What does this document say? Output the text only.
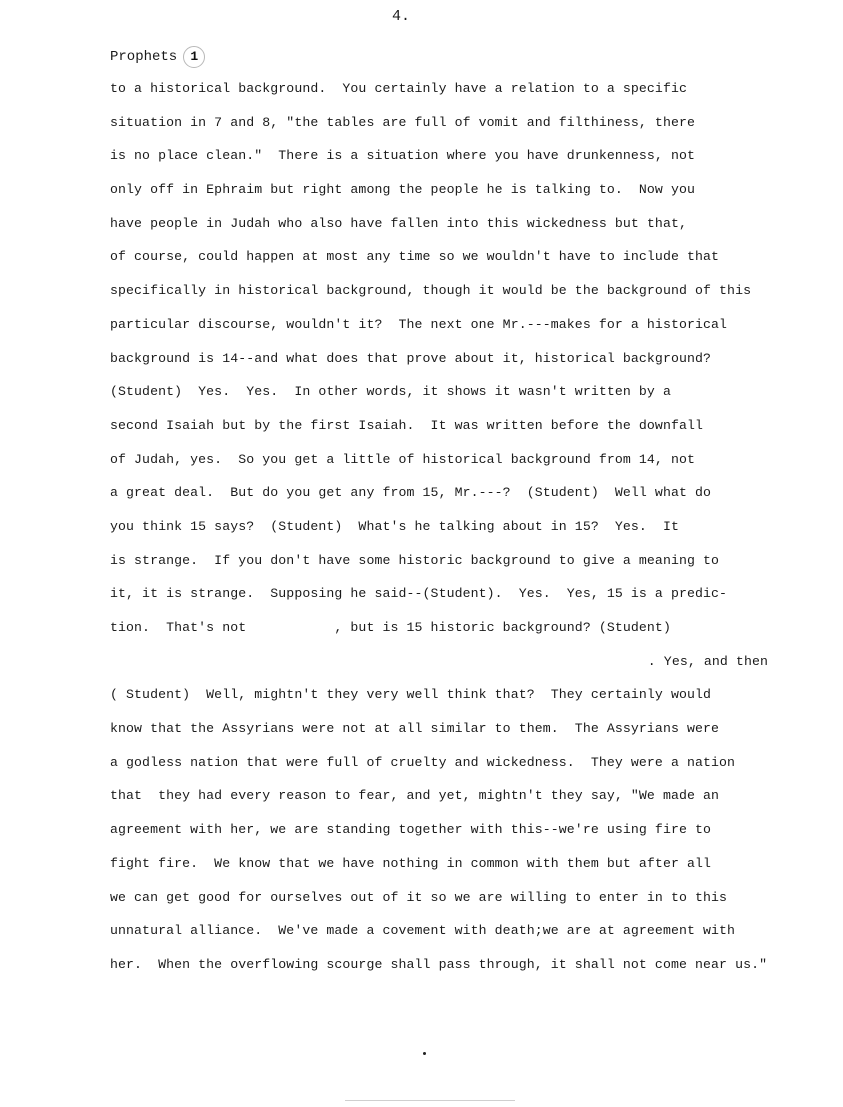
4.
Prophets	1
to a historical background.  You certainly have a relation to a specific
situation in 7 and 8, "the tables are full of vomit and filthiness, there
is no place clean."  There is a situation where you have drunkenness, not
only off in Ephraim but right among the people he is talking to.  Now you
have people in Judah who also have fallen into this wickedness but that,
of course, could happen at most any time so we wouldn't have to include that
specifically in historical background, though it would be the background of this
particular discourse, wouldn't it?  The next one Mr.---makes for a historical
background is 14--and what does that prove about it, historical background?
(Student)  Yes.  Yes.  In other words, it shows it wasn't written by a
second Isaiah but by the first Isaiah.  It was written before the downfall
of Judah, yes.  So you get a little of historical background from 14, not
a great deal.  But do you get any from 15, Mr.---?  (Student)  Well what do
you think 15 says?  (Student)  What's he talking about in 15?  Yes.  It
is strange.  If you don't have some historic background to give a meaning to
it, it is strange.  Supposing he said--(Student).  Yes.  Yes, 15 is a predic-
tion.  That's not           , but is 15 historic background? (Student)
. Yes, and then
( Student)  Well, mightn't they very well think that?  They certainly would
know that the Assyrians were not at all similar to them.  The Assyrians were
a godless nation that were full of cruelty and wickedness.  They were a nation
that  they had every reason to fear, and yet, mightn't they say, "We made an
agreement with her, we are standing together with this--we're using fire to
fight fire.  We know that we have nothing in common with them but after all
we can get good for ourselves out of it so we are willing to enter in to this
unnatural alliance.  We've made a covement with death;we are at agreement with
her.  When the overflowing scourge shall pass through, it shall not come near us."
